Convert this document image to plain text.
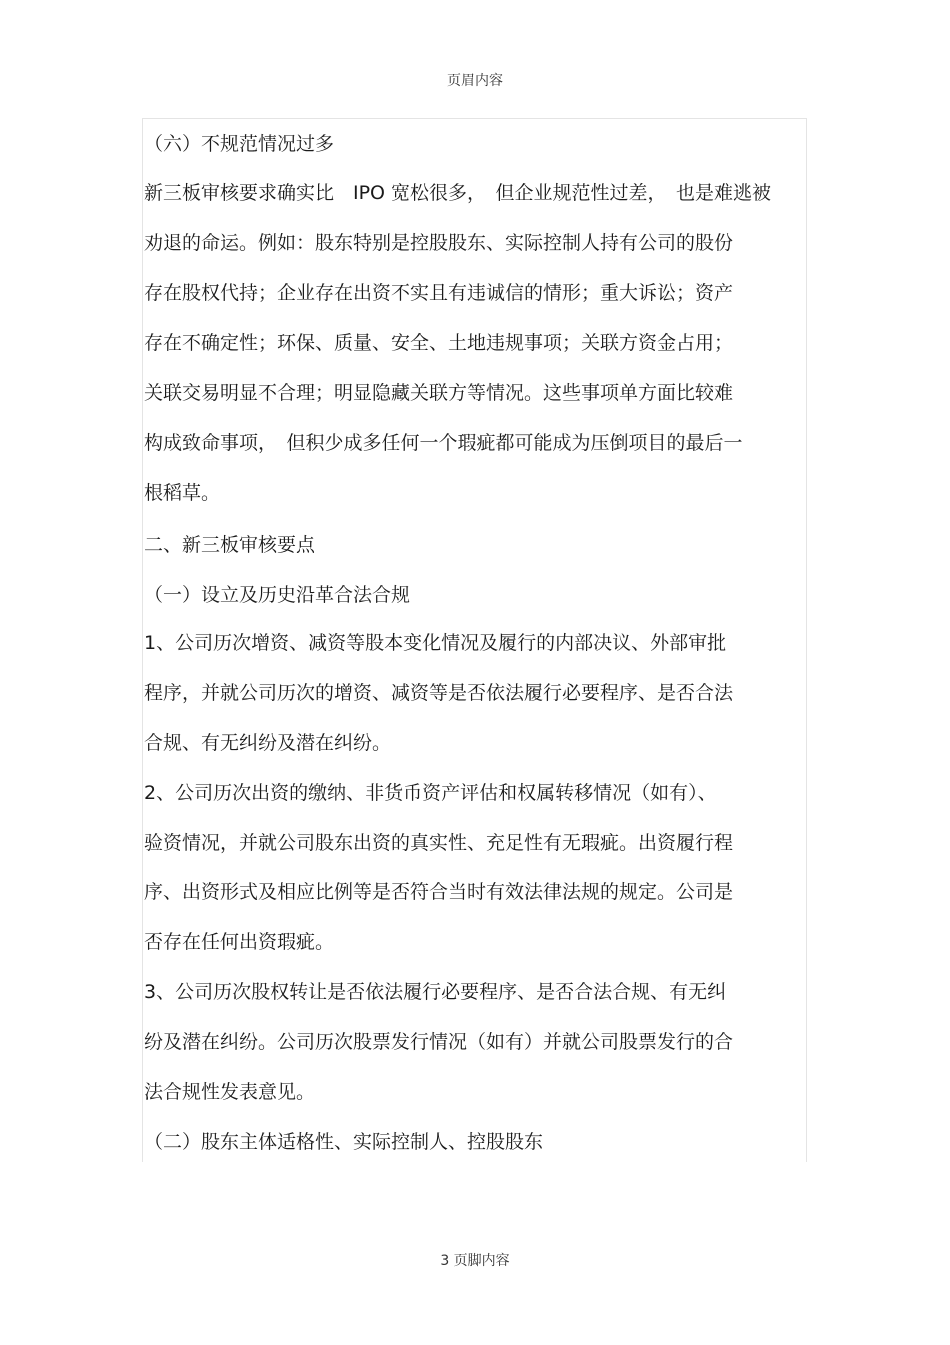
页眉内容
（六）不规范情况过多
新三板审核要求确实比　IPO 宽松很多，　但企业规范性过差，　也是难逃被
劝退的命运。例如：股东特别是控股股东、实际控制人持有公司的股份
存在股权代持；企业存在出资不实且有违诚信的情形；重大诉讼；资产
存在不确定性；环保、质量、安全、土地违规事项；关联方资金占用；
关联交易明显不合理；明显隐藏关联方等情况。这些事项单方面比较难
构成致命事项，　但积少成多任何一个瑕疵都可能成为压倒项目的最后一
根稻草。
二、新三板审核要点
（一）设立及历史沿革合法合规
1、公司历次增资、减资等股本变化情况及履行的内部决议、外部审批
程序，并就公司历次的增资、减资等是否依法履行必要程序、是否合法
合规、有无纠纷及潜在纠纷。
2、公司历次出资的缴纳、非货币资产评估和权属转移情况（如有）、
验资情况，并就公司股东出资的真实性、充足性有无瑕疵。出资履行程
序、出资形式及相应比例等是否符合当时有效法律法规的规定。公司是
否存在任何出资瑕疵。
3、公司历次股权转让是否依法履行必要程序、是否合法合规、有无纠
纷及潜在纠纷。公司历次股票发行情况（如有）并就公司股票发行的合
法合规性发表意见。
（二）股东主体适格性、实际控制人、控股股东
3 页脚内容
